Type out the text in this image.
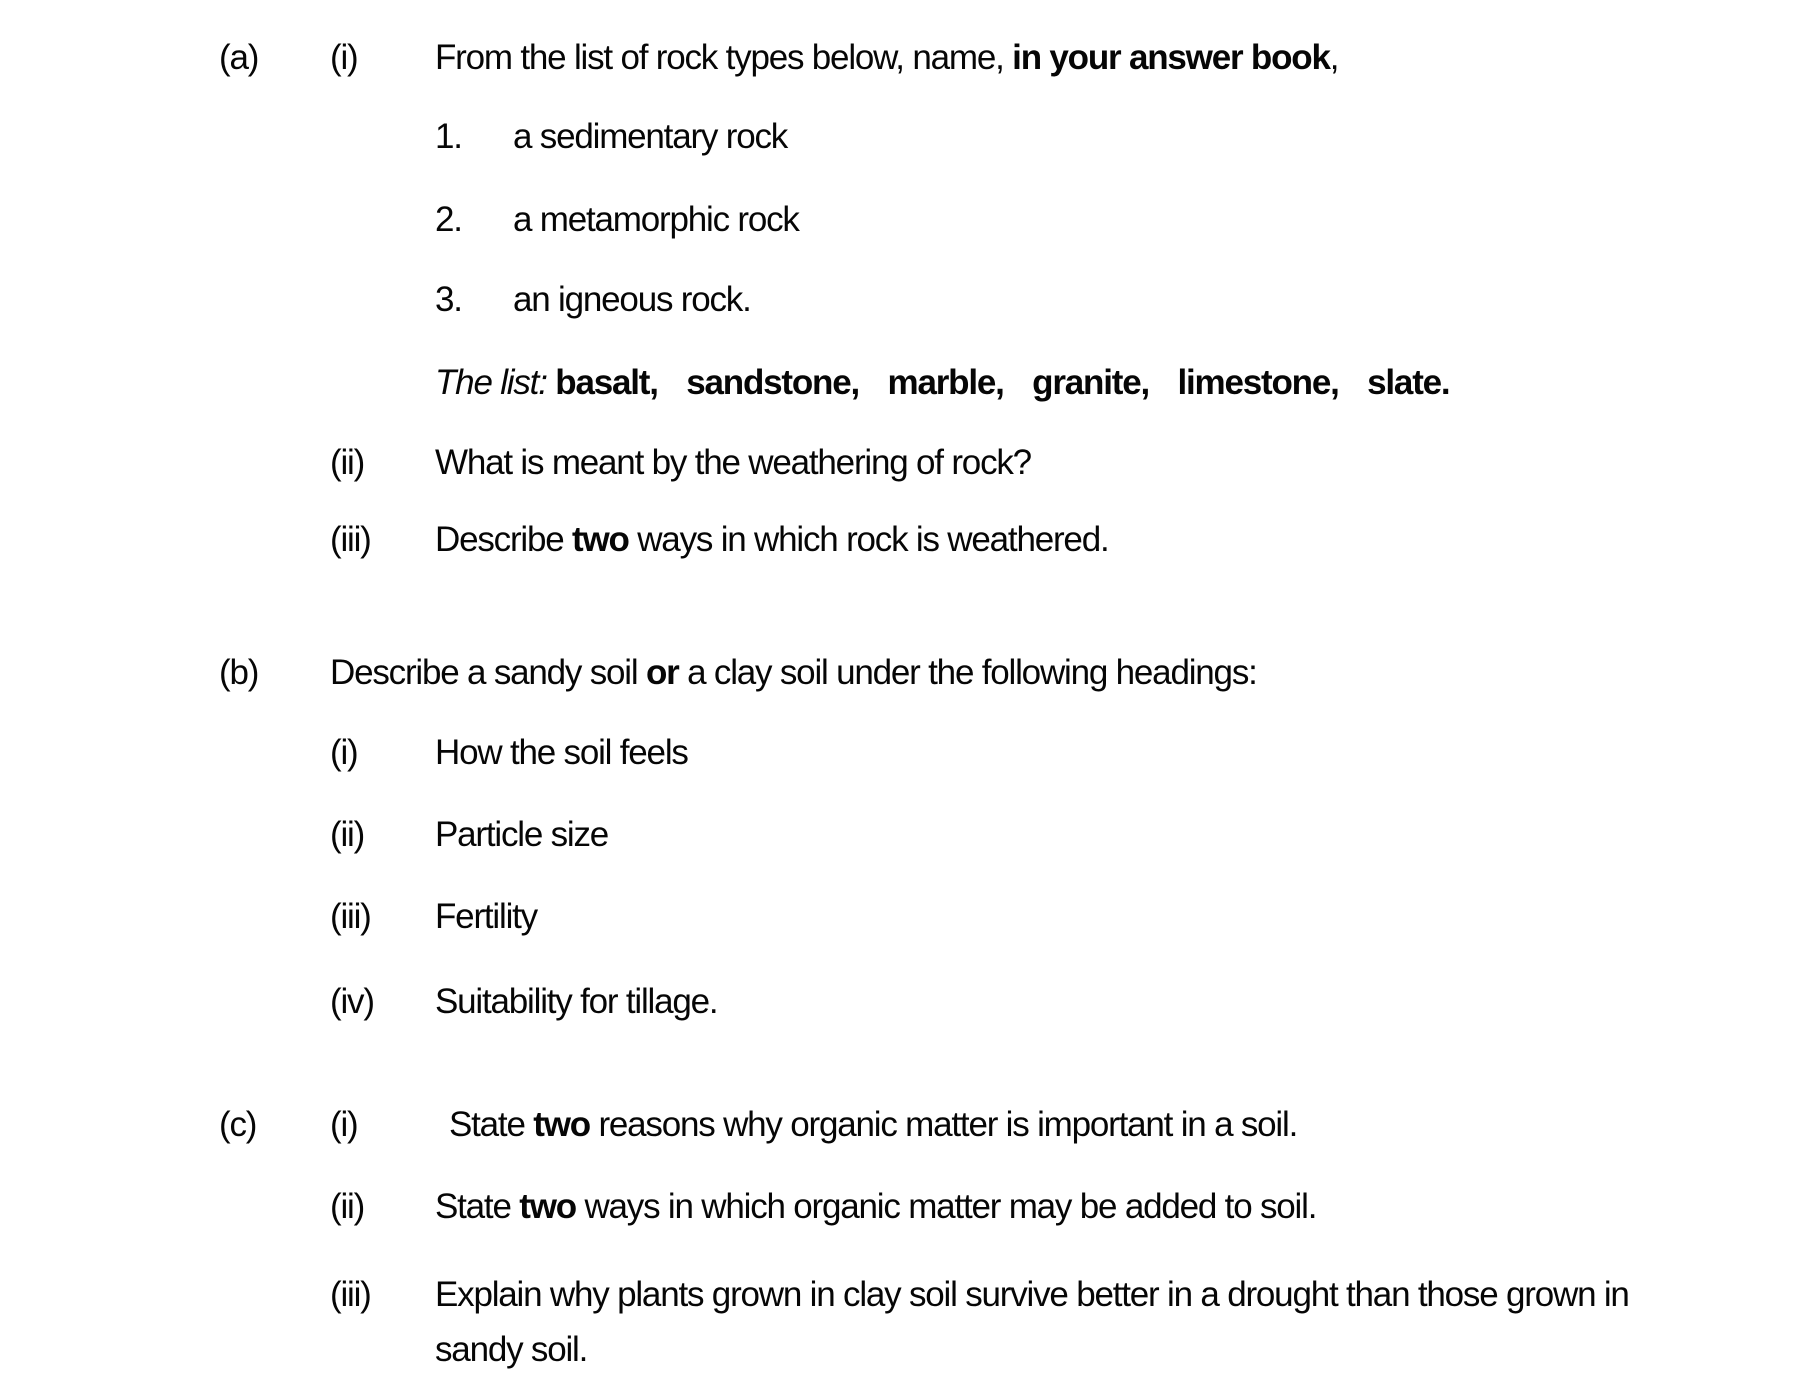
(a) (i) From the list of rock types below, name, in your answer book,
1. a sedimentary rock
2. a metamorphic rock
3. an igneous rock.
The list: basalt, sandstone, marble, granite, limestone, slate.
(ii) What is meant by the weathering of rock?
(iii) Describe two ways in which rock is weathered.
(b) Describe a sandy soil or a clay soil under the following headings:
(i) How the soil feels
(ii) Particle size
(iii) Fertility
(iv) Suitability for tillage.
(c) (i)	State two reasons why organic matter is important in a soil.
(ii) State two ways in which organic matter may be added to soil.
(iii) Explain why plants grown in clay soil survive better in a drought than those grown in
sandy soil.
